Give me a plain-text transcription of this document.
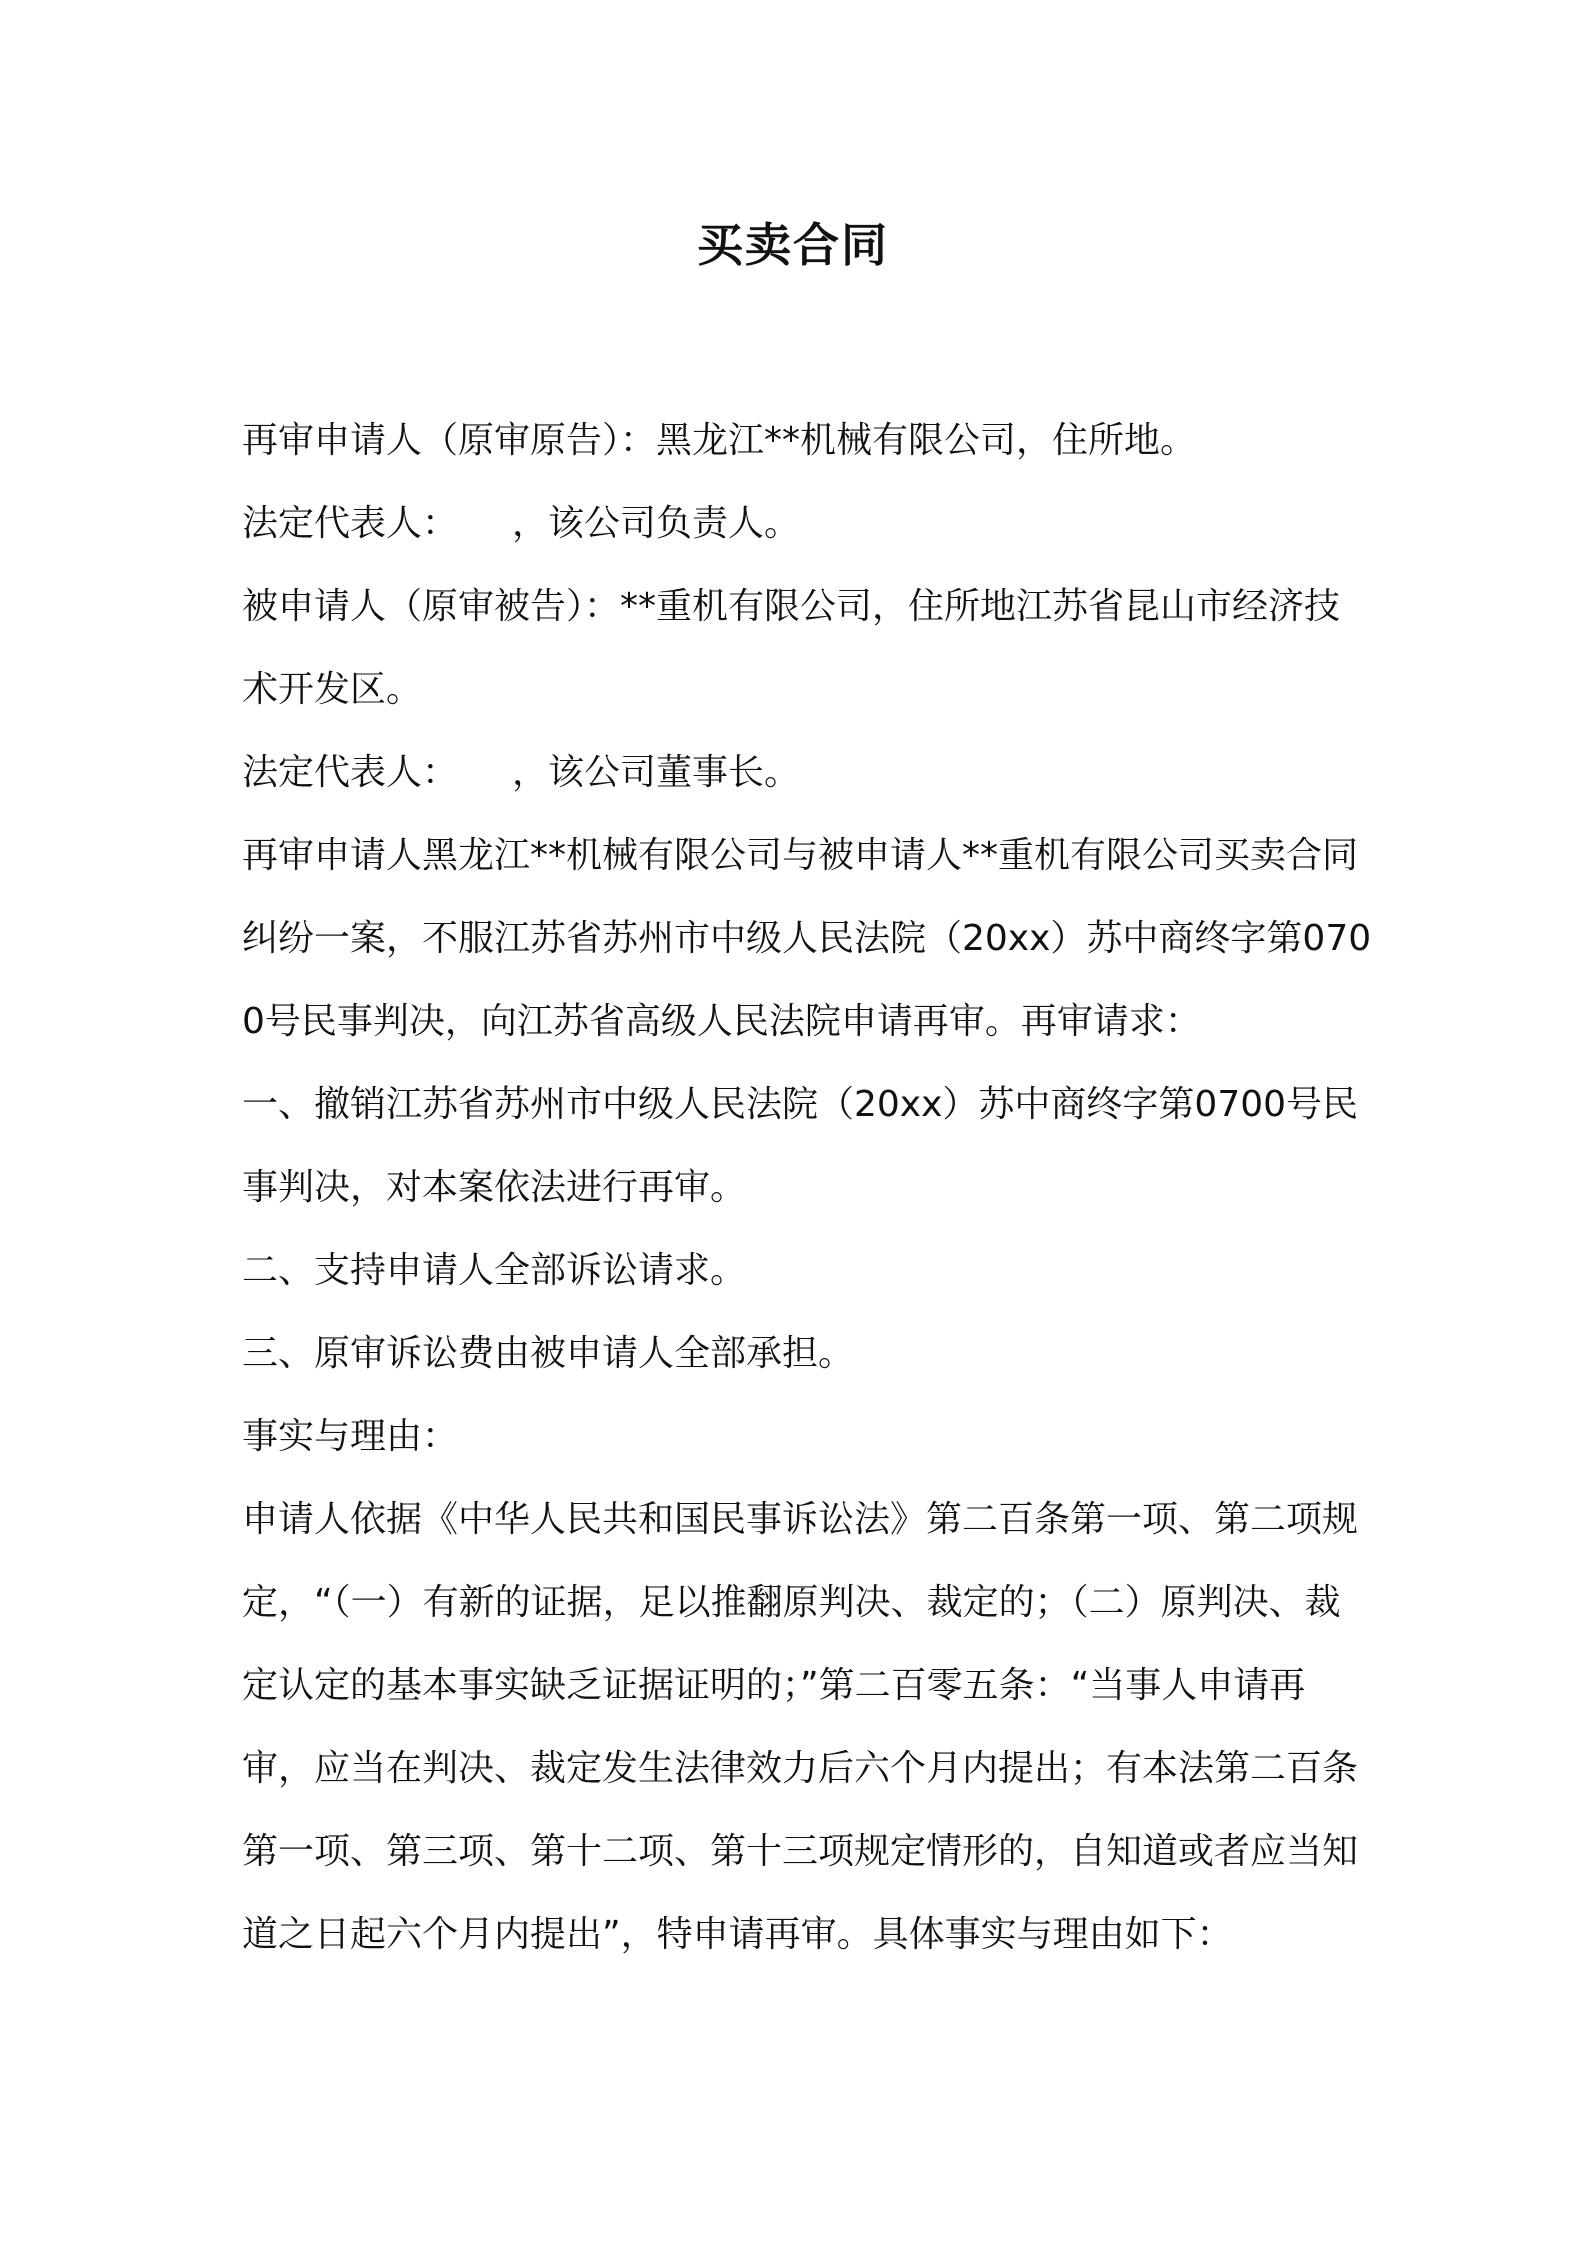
买卖合同

再审申请人（原审原告）：黑龙江**机械有限公司，住所地。

法定代表人：　　，该公司负责人。

被申请人（原审被告）：**重机有限公司，住所地江苏省昆山市经济技术开发区。

法定代表人：　　，该公司董事长。

再审申请人黑龙江**机械有限公司与被申请人**重机有限公司买卖合同纠纷一案，不服江苏省苏州市中级人民法院（20xx）苏中商终字第0700号民事判决，向江苏省高级人民法院申请再审。再审请求：

一、撤销江苏省苏州市中级人民法院（20xx）苏中商终字第0700号民事判决，对本案依法进行再审。

二、支持申请人全部诉讼请求。

三、原审诉讼费由被申请人全部承担。

事实与理由：

申请人依据《中华人民共和国民事诉讼法》第二百条第一项、第二项规定，“（一）有新的证据，足以推翻原判决、裁定的；（二）原判决、裁定认定的基本事实缺乏证据证明的；”第二百零五条：“当事人申请再审，应当在判决、裁定发生法律效力后六个月内提出；有本法第二百条第一项、第三项、第十二项、第十三项规定情形的，自知道或者应当知道之日起六个月内提出”，特申请再审。具体事实与理由如下：
